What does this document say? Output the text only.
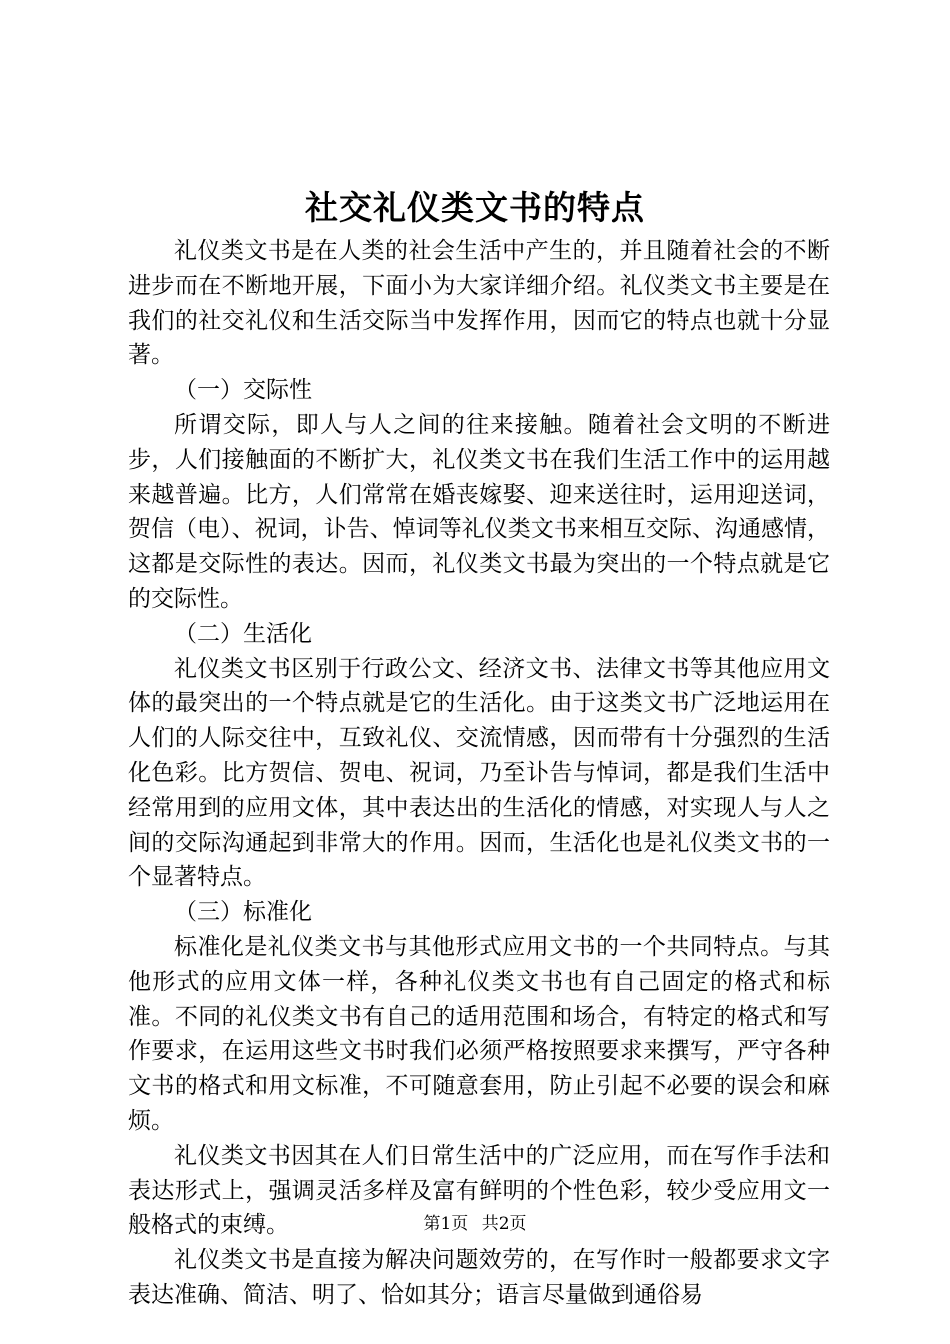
社交礼仪类文书的特点

礼仪类文书是在人类的社会生活中产生的，并且随着社会的不断进步而在不断地开展，下面小为大家详细介绍。礼仪类文书主要是在我们的社交礼仪和生活交际当中发挥作用，因而它的特点也就十分显著。

（一）交际性

所谓交际，即人与人之间的往来接触。随着社会文明的不断进步，人们接触面的不断扩大，礼仪类文书在我们生活工作中的运用越来越普遍。比方，人们常常在婚丧嫁娶、迎来送往时，运用迎送词，贺信（电）、祝词，讣告、悼词等礼仪类文书来相互交际、沟通感情，这都是交际性的表达。因而，礼仪类文书最为突出的一个特点就是它的交际性。

（二）生活化

礼仪类文书区别于行政公文、经济文书、法律文书等其他应用文体的最突出的一个特点就是它的生活化。由于这类文书广泛地运用在人们的人际交往中，互致礼仪、交流情感，因而带有十分强烈的生活化色彩。比方贺信、贺电、祝词，乃至讣告与悼词，都是我们生活中经常用到的应用文体，其中表达出的生活化的情感，对实现人与人之间的交际沟通起到非常大的作用。因而，生活化也是礼仪类文书的一个显著特点。

（三）标准化

标准化是礼仪类文书与其他形式应用文书的一个共同特点。与其他形式的应用文体一样，各种礼仪类文书也有自己固定的格式和标准。不同的礼仪类文书有自己的适用范围和场合，有特定的格式和写作要求，在运用这些文书时我们必须严格按照要求来撰写，严守各种文书的格式和用文标准，不可随意套用，防止引起不必要的误会和麻烦。

礼仪类文书因其在人们日常生活中的广泛应用，而在写作手法和表达形式上，强调灵活多样及富有鲜明的个性色彩，较少受应用文一般格式的束缚。

礼仪类文书是直接为解决问题效劳的，在写作时一般都要求文字表达准确、简洁、明了、恰如其分；语言尽量做到通俗易

第1页 共2页
